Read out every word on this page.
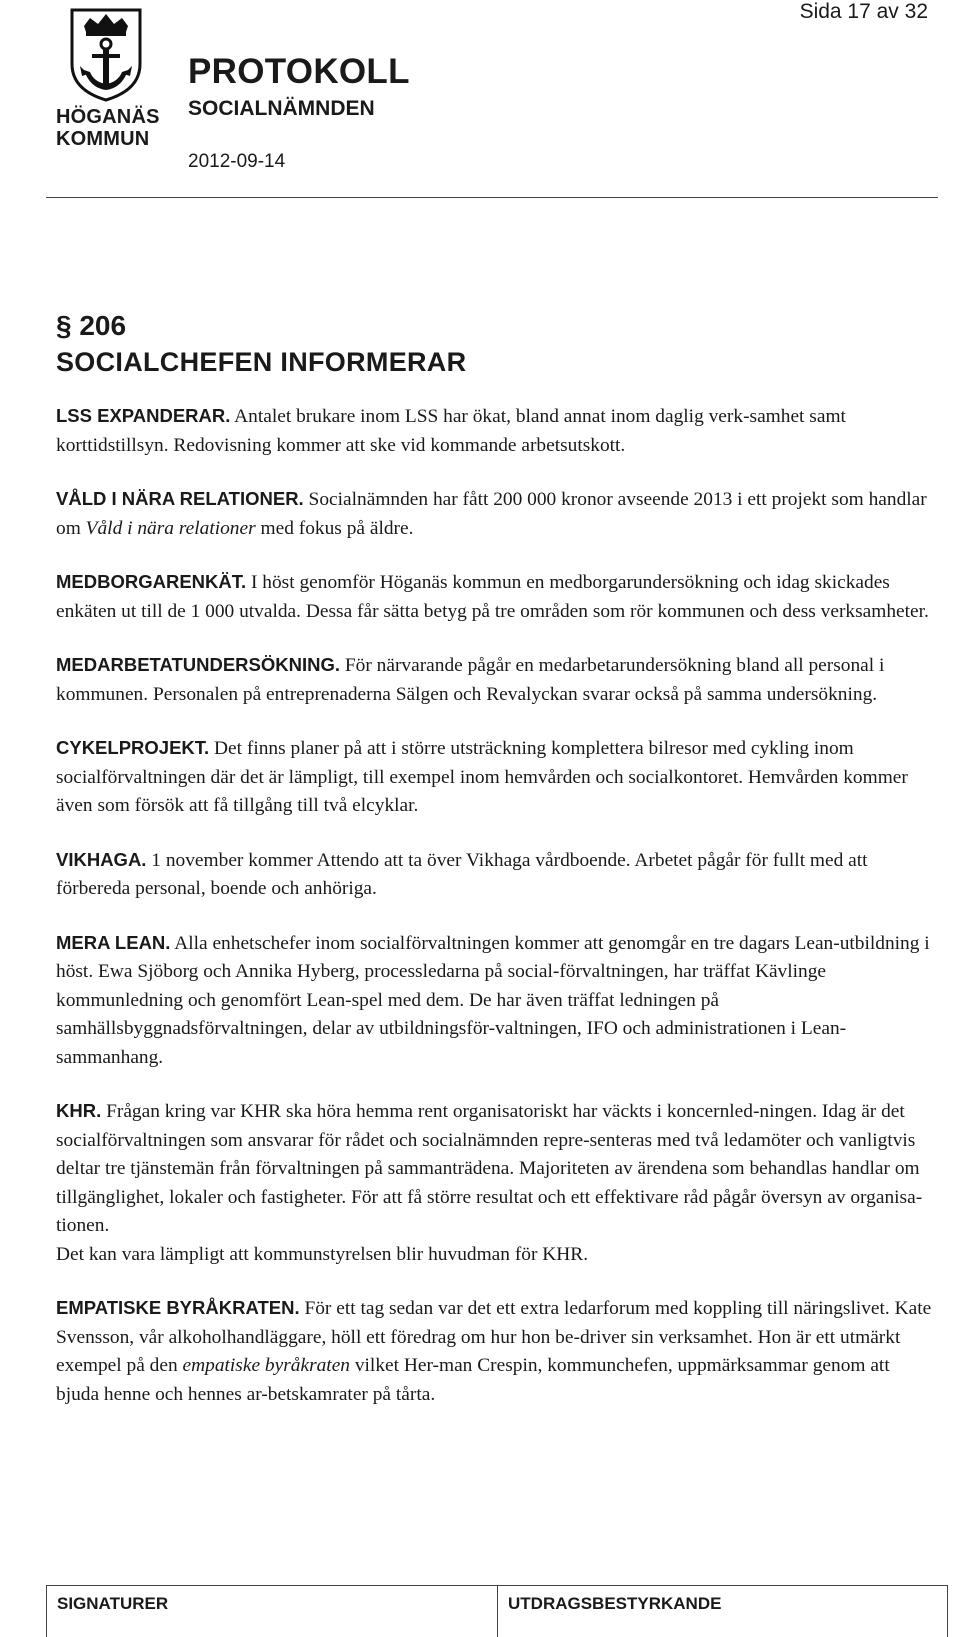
Sida 17 av 32
HÖGANÄS
KOMMUN
PROTOKOLL
SOCIALNÄMNDEN
2012-09-14
§ 206
SOCIALCHEFEN INFORMERAR

LSS EXPANDERAR. Antalet brukare inom LSS har ökat, bland annat inom daglig verk-samhet samt korttidstillsyn. Redovisning kommer att ske vid kommande arbetsutskott.

VÅLD I NÄRA RELATIONER. Socialnämnden har fått 200 000 kronor avseende 2013 i ett projekt som handlar om Våld i nära relationer med fokus på äldre.

MEDBORGARENKÄT. I höst genomför Höganäs kommun en medborgarundersökning och idag skickades enkäten ut till de 1 000 utvalda. Dessa får sätta betyg på tre områden som rör kommunen och dess verksamheter.

MEDARBETATUNDERSÖKNING. För närvarande pågår en medarbetarundersökning bland all personal i kommunen. Personalen på entreprenaderna Sälgen och Revalyckan svarar också på samma undersökning.

CYKELPROJEKT. Det finns planer på att i större utsträckning komplettera bilresor med cykling inom socialförvaltningen där det är lämpligt, till exempel inom hemvården och socialkontoret. Hemvården kommer även som försök att få tillgång till två elcyklar.

VIKHAGA. 1 november kommer Attendo att ta över Vikhaga vårdboende. Arbetet pågår för fullt med att förbereda personal, boende och anhöriga.

MERA LEAN. Alla enhetschefer inom socialförvaltningen kommer att genomgår en tre dagars Lean-utbildning i höst. Ewa Sjöborg och Annika Hyberg, processledarna på social-förvaltningen, har träffat Kävlinge kommunledning och genomfört Lean-spel med dem. De har även träffat ledningen på samhällsbyggnadsförvaltningen, delar av utbildningsför-valtningen, IFO och administrationen i Lean-sammanhang.

KHR. Frågan kring var KHR ska höra hemma rent organisatoriskt har väckts i koncernled-ningen. Idag är det socialförvaltningen som ansvarar för rådet och socialnämnden repre-senteras med två ledamöter och vanligtvis deltar tre tjänstemän från förvaltningen på sammanträdena. Majoriteten av ärendena som behandlas handlar om tillgänglighet, lokaler och fastigheter. För att få större resultat och ett effektivare råd pågår översyn av organisa-tionen.

Det kan vara lämpligt att kommunstyrelsen blir huvudman för KHR.

EMPATISKE BYRÅKRATEN. För ett tag sedan var det ett extra ledarforum med koppling till näringslivet. Kate Svensson, vår alkoholhandläggare, höll ett föredrag om hur hon be-driver sin verksamhet. Hon är ett utmärkt exempel på den empatiske byråkraten vilket Her-man Crespin, kommunchefen, uppmärksammar genom att bjuda henne och hennes ar-betskamrater på tårta.

SIGNATURER	UTDRAGSBESTYRKANDE
